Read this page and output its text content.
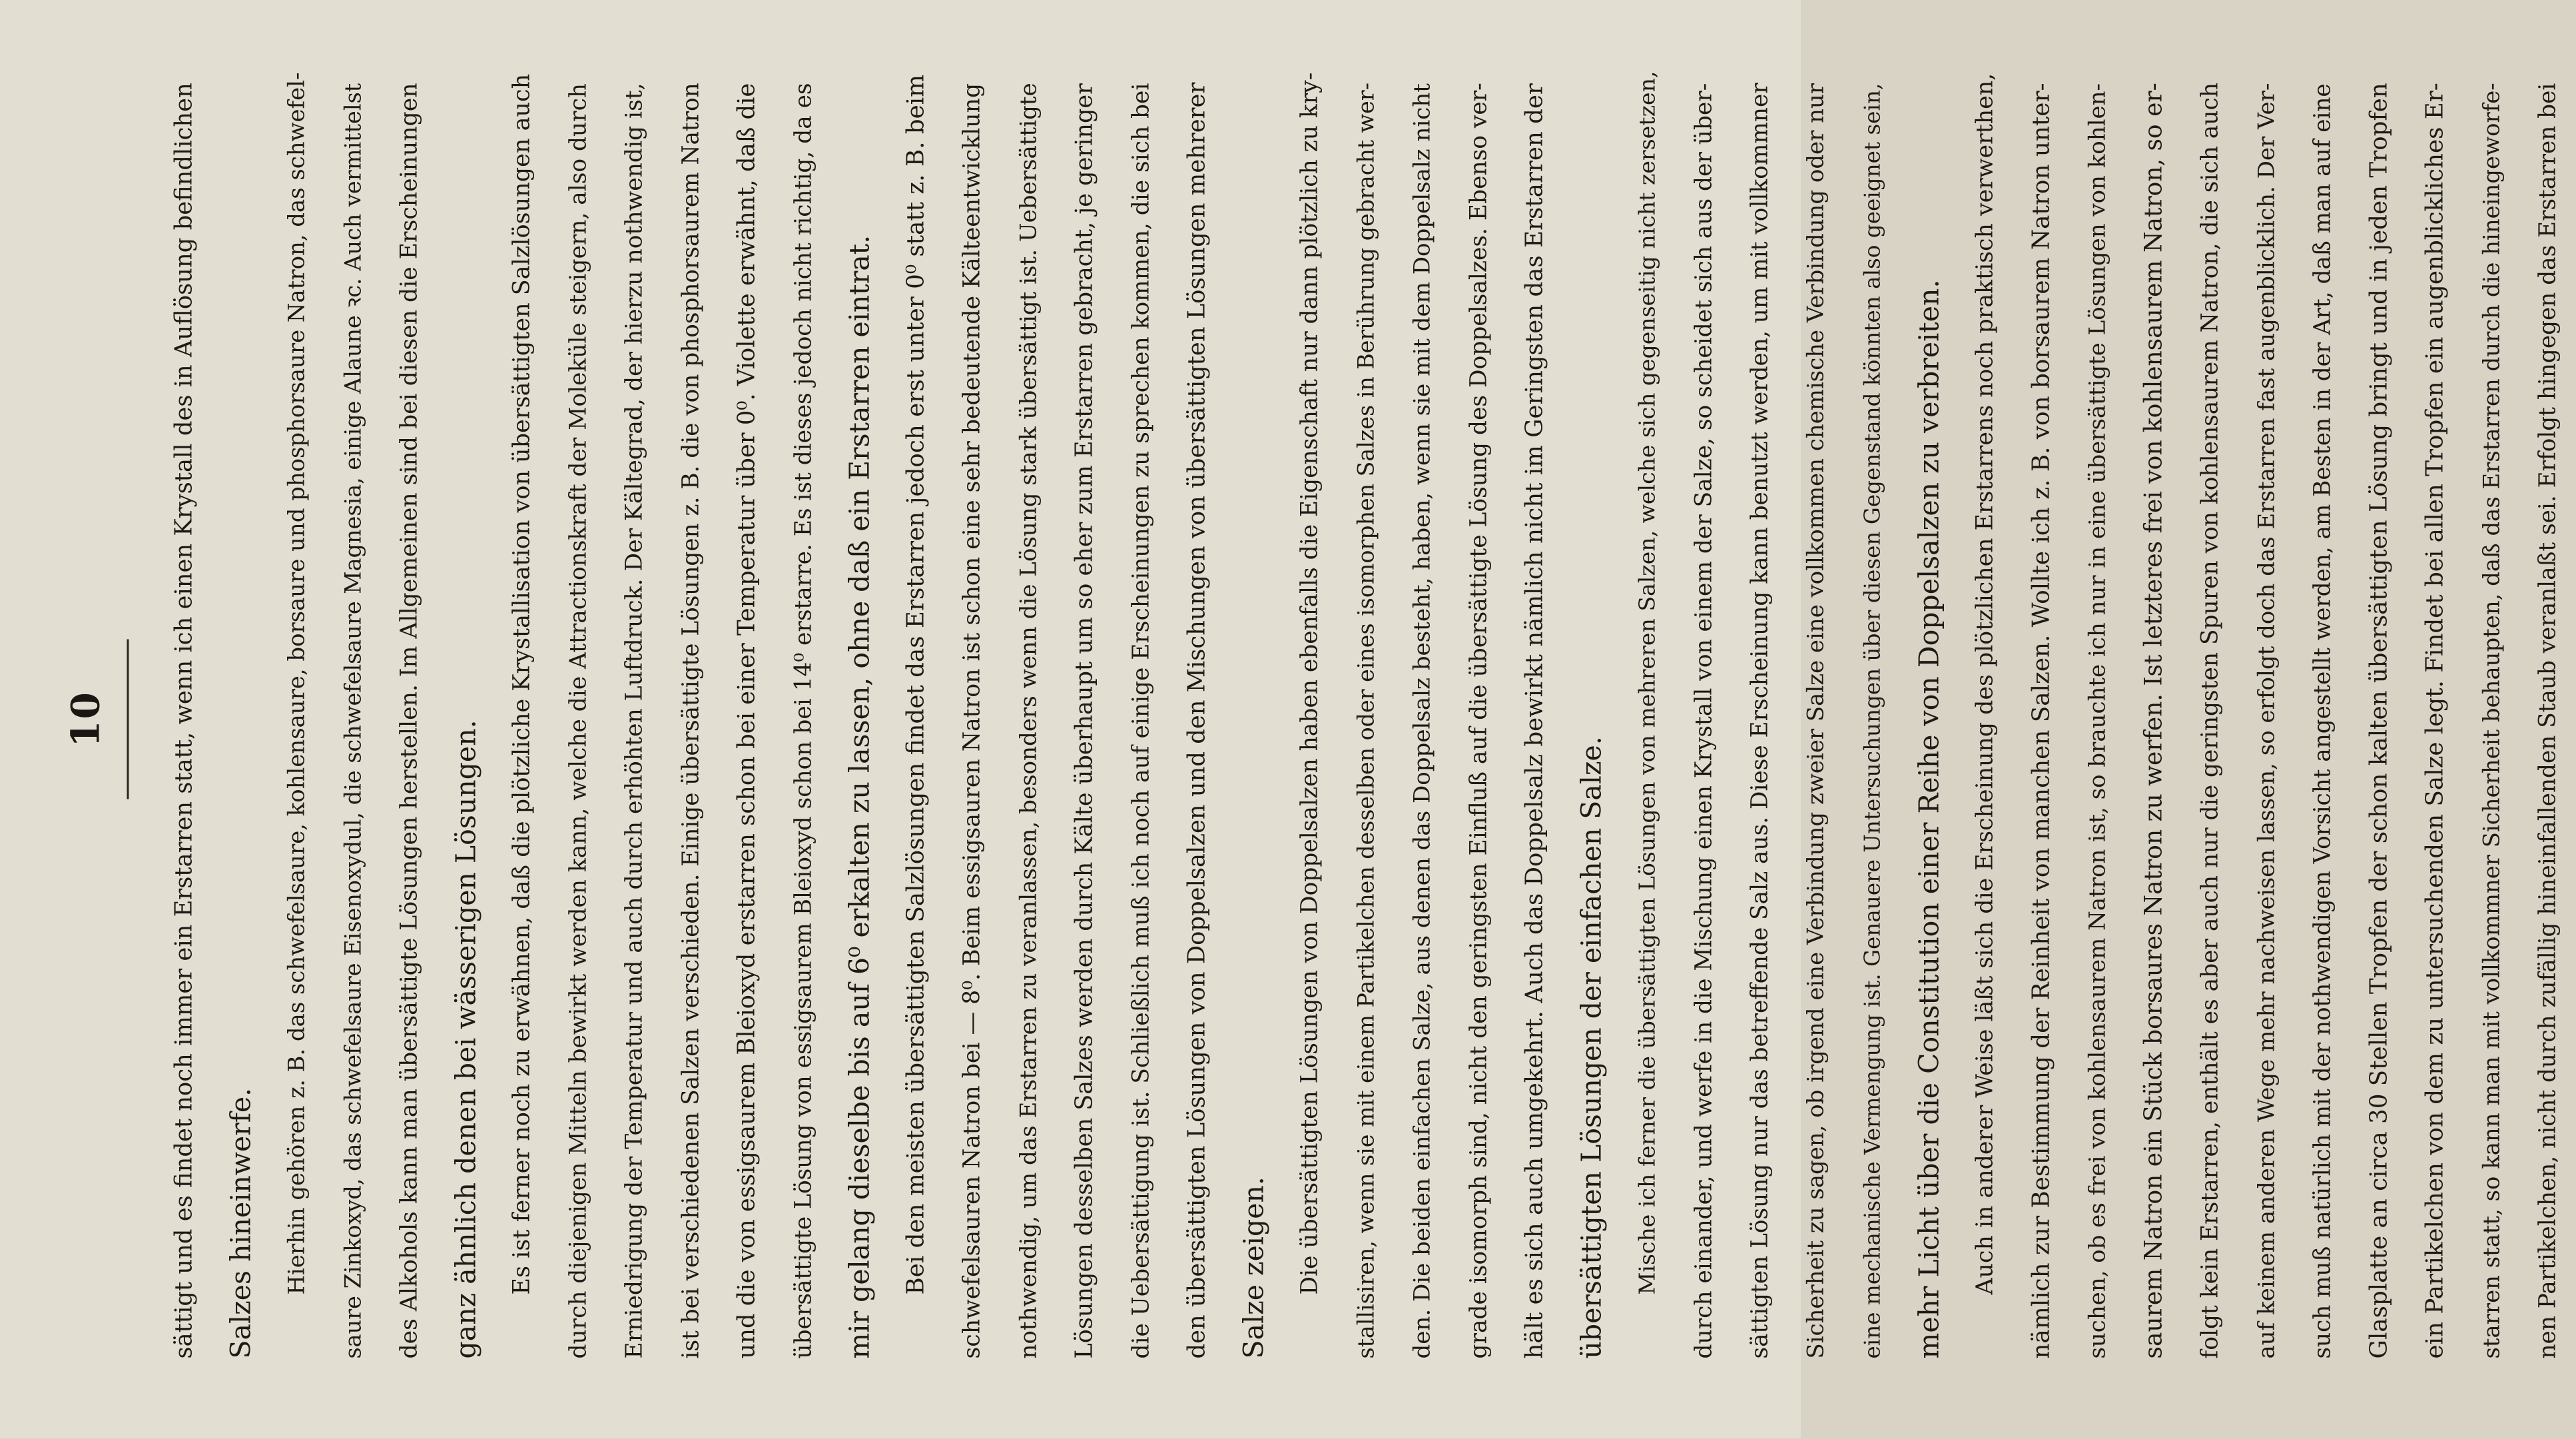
10	sättigt und es findet noch immer ein Erstarren statt, wenn ich einen Krystall des in Auflösung befindlichen Salzes hineinwerfe.	Hierhin gehören z. B. das schwefelsaure, kohlensaure, borsaure und phosphorsaure Natron, das schwefel-	saure Zinkoxyd, das schwefelsaure Eisenoxydul, die schwefelsaure Magnesia, einige Alaune ꝛc. Auch vermittelst	des Alkohols kann man übersättigte Lösungen herstellen. Im Allgemeinen sind bei diesen die Erscheinungen ganz ähnlich denen bei wässerigen Lösungen.	Es ist ferner noch zu erwähnen, daß die plötzliche Krystallisation von übersättigten Salzlösungen auch	durch diejenigen Mitteln bewirkt werden kann, welche die Attractionskraft der Moleküle steigern, also durch	Erniedrigung der Temperatur und auch durch erhöhten Luftdruck. Der Kältegrad, der hierzu nothwendig ist,	ist bei verschiedenen Salzen verschieden. Einige übersättigte Lösungen z. B. die von phosphorsaurem Natron	und die von essigsaurem Bleioxyd erstarren schon bei einer Temperatur über 0⁰. Violette erwähnt, daß die	übersättigte Lösung von essigsaurem Bleioxyd schon bei 14⁰ erstarre. Es ist dieses jedoch nicht richtig, da es mir gelang dieselbe bis auf 6⁰ erkalten zu lassen, ohne daß ein Erstarren eintrat.	Bei den meisten übersättigten Salzlösungen findet das Erstarren jedoch erst unter 0⁰ statt z. B. beim	schwefelsauren Natron bei — 8⁰. Beim essigsauren Natron ist schon eine sehr bedeutende Kälteentwicklung	nothwendig, um das Erstarren zu veranlassen, besonders wenn die Lösung stark übersättigt ist. Uebersättigte	Lösungen desselben Salzes werden durch Kälte überhaupt um so eher zum Erstarren gebracht, je geringer	die Uebersättigung ist. Schließlich muß ich noch auf einige Erscheinungen zu sprechen kommen, die sich bei	den übersättigten Lösungen von Doppelsalzen und den Mischungen von übersättigten Lösungen mehrerer Salze zeigen.	Die übersättigten Lösungen von Doppelsalzen haben ebenfalls die Eigenschaft nur dann plötzlich zu kry-	stallisiren, wenn sie mit einem Partikelchen desselben oder eines isomorphen Salzes in Berührung gebracht wer-	den. Die beiden einfachen Salze, aus denen das Doppelsalz besteht, haben, wenn sie mit dem Doppelsalz nicht	grade isomorph sind, nicht den geringsten Einfluß auf die übersättigte Lösung des Doppelsalzes. Ebenso ver-	hält es sich auch umgekehrt. Auch das Doppelsalz bewirkt nämlich nicht im Geringsten das Erstarren der übersättigten Lösungen der einfachen Salze.	Mische ich ferner die übersättigten Lösungen von mehreren Salzen, welche sich gegenseitig nicht zersetzen,	durch einander, und werfe in die Mischung einen Krystall von einem der Salze, so scheidet sich aus der über-	sättigten Lösung nur das betreffende Salz aus. Diese Erscheinung kann benutzt werden, um mit vollkommner	Sicherheit zu sagen, ob irgend eine Verbindung zweier Salze eine vollkommen chemische Verbindung oder nur	eine mechanische Vermengung ist. Genauere Untersuchungen über diesen Gegenstand könnten also geeignet sein,	mehr Licht über die Constitution einer Reihe von Doppelsalzen zu verbreiten.	Auch in anderer Weise läßt sich die Erscheinung des plötzlichen Erstarrens noch praktisch verwerthen,	nämlich zur Bestimmung der Reinheit von manchen Salzen. Wollte ich z. B. von borsaurem Natron unter-	suchen, ob es frei von kohlensaurem Natron ist, so brauchte ich nur in eine übersättigte Lösungen von kohlen-	saurem Natron ein Stück borsaures Natron zu werfen. Ist letzteres frei von kohlensaurem Natron, so er-	folgt kein Erstarren, enthält es aber auch nur die geringsten Spuren von kohlensaurem Natron, die sich auch	auf keinem anderen Wege mehr nachweisen lassen, so erfolgt doch das Erstarren fast augenblicklich. Der Ver-	such muß natürlich mit der nothwendigen Vorsicht angestellt werden, am Besten in der Art, daß man auf eine	Glasplatte an circa 30 Stellen Tropfen der schon kalten übersättigten Lösung bringt und in jeden Tropfen	ein Partikelchen von dem zu untersuchenden Salze legt. Findet bei allen Tropfen ein augenblickliches Er-	starren statt, so kann man mit vollkommner Sicherheit behaupten, daß das Erstarren durch die hineingeworfe-	nen Partikelchen, nicht durch zufällig hineinfallenden Staub veranlaßt sei. Erfolgt hingegen das Erstarren bei
